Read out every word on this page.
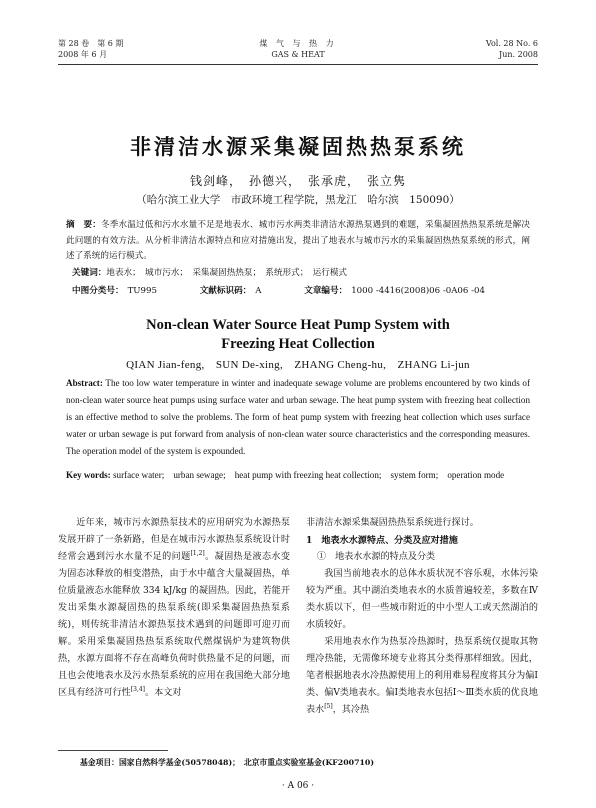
第 28 卷　第 6 期
2008 年 6 月
煤 气 与 热 力
GAS & HEAT
Vol. 28 No. 6
Jun. 2008
非清洁水源采集凝固热热泵系统
钱剑峰，　孙德兴，　张承虎，　张立隽
（哈尔滨工业大学　市政环境工程学院，黑龙江　哈尔滨　150090）
摘　要：冬季水温过低和污水水量不足是地表水、城市污水两类非清洁水源热泵遇到的难题，采集凝固热热泵系统是解决此问题的有效方法。从分析非清洁水源特点和应对措施出发，提出了地表水与城市污水的采集凝固热热泵系统的形式，阐述了系统的运行模式。
关键词：地表水；　城市污水；　采集凝固热热泵；　系统形式；　运行模式
中图分类号： TU995	文献标识码： A	文章编号： 1000 -4416(2008)06 -0A06 -04
Non-clean Water Source Heat Pump System with
Freezing Heat Collection
QIAN Jian-feng,　SUN De-xing,　ZHANG Cheng-hu,　ZHANG Li-jun
Abstract: The too low water temperature in winter and inadequate sewage volume are problems encountered by two kinds of non-clean water source heat pumps using surface water and urban sewage. The heat pump system with freezing heat collection is an effective method to solve the problems. The form of heat pump system with freezing heat collection which uses surface water or urban sewage is put forward from analysis of non-clean water source characteristics and the corresponding measures. The operation model of the system is expounded.
Key words: surface water;　urban sewage;　heat pump with freezing heat collection;　system form;　operation mode

近年来，城市污水源热泵技术的应用研究为水源热泵发展开辟了一条新路，但是在城市污水源热泵系统设计时经常会遇到污水水量不足的问题[1,2]。凝固热是液态水变为固态冰释放的相变潜热，由于水中蕴含大量凝固热，单位质量液态水能释放 334 kJ/kg 的凝固热。因此，若能开发出采集水源凝固热的热泵系统(即采集凝固热热泵系统)，则传统非清洁水源热泵技术遇到的问题即可迎刃而解。采用采集凝固热热泵系统取代燃煤锅炉为建筑物供热，水源方面将不存在高峰负荷时供热量不足的问题，而且也会使地表水及污水热泵系统的应用在我国绝大部分地区具有经济可行性[3,4]。本文对

非清洁水源采集凝固热热泵系统进行探讨。

1　地表水水源特点、分类及应对措施

①　地表水水源的特点及分类

我国当前地表水的总体水质状况不容乐观，水体污染较为严重。其中湖泊类地表水的水质普遍较差，多数在Ⅳ类水质以下，但一些城市附近的中小型人工或天然湖泊的水质较好。

采用地表水作为热泵冷热源时，热泵系统仅提取其物理冷热能，无需像环境专业将其分类得那样细致。因此，笔者根据地表水冷热源使用上的利用难易程度将其分为偏Ⅰ类、偏Ⅴ类地表水。偏Ⅰ类地表水包括Ⅰ～Ⅲ类水质的优良地表水[5]，其冷热

基金项目：国家自然科学基金(50578048)；　北京市重点实验室基金(KF200710)
· A 06 ·
